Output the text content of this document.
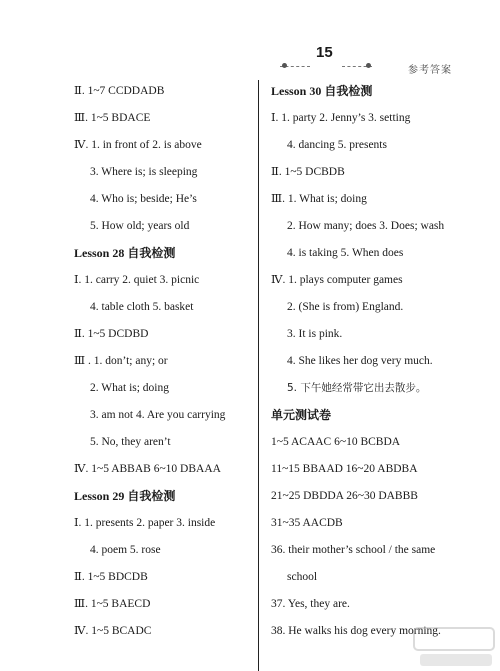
15
参考答案
Ⅱ. 1~7 CCDDADB
Ⅲ. 1~5 BDACE
Ⅳ. 1. in front of 2. is above
3. Where is; is sleeping
4. Who is; beside; He’s
5. How old; years old
Lesson 28 自我检测
Ⅰ. 1. carry 2. quiet 3. picnic
4. table cloth 5. basket
Ⅱ. 1~5 DCDBD
Ⅲ . 1. don’t; any; or
2. What is; doing
3. am not 4. Are you carrying
5. No, they aren’t
Ⅳ. 1~5 ABBAB 6~10 DBAAA
Lesson 29 自我检测
Ⅰ. 1. presents 2. paper 3. inside
4. poem 5. rose
Ⅱ. 1~5 BDCDB
Ⅲ. 1~5 BAECD
Ⅳ. 1~5 BCADC
Lesson 30 自我检测
Ⅰ. 1. party 2. Jenny’s 3. setting
4. dancing 5. presents
Ⅱ. 1~5 DCBDB
Ⅲ. 1. What is; doing
2. How many; does 3. Does; wash
4. is taking 5. When does
Ⅳ. 1. plays computer games
2. (She is from) England.
3. It is pink.
4. She likes her dog very much.
5. 下午她经常带它出去散步。
单元测试卷
1~5 ACAAC 6~10 BCBDA
11~15 BBAAD 16~20 ABDBA
21~25 DBDDA 26~30 DABBB
31~35 AACDB
36. their mother’s school / the same
school
37. Yes, they are.
38. He walks his dog every morning.
